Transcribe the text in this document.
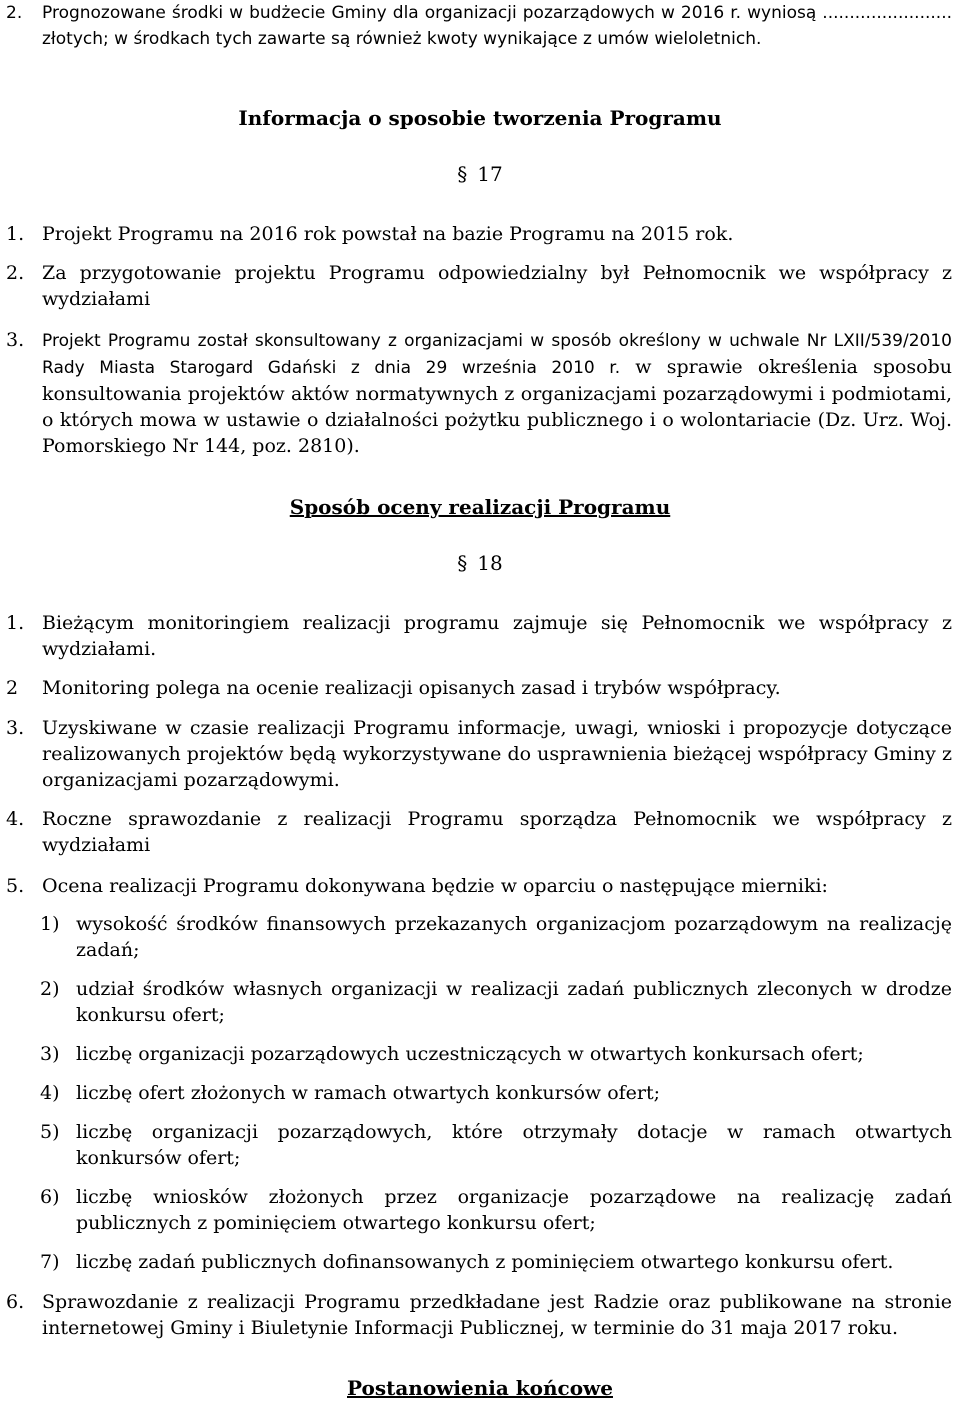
2. Prognozowane środki w budżecie Gminy dla organizacji pozarządowych w 2016 r. wyniosą ........................ złotych; w środkach tych zawarte są również kwoty wynikające z umów wieloletnich.
Informacja o sposobie tworzenia Programu
§ 17
1. Projekt Programu na 2016 rok powstał na bazie Programu na 2015 rok.
2. Za przygotowanie projektu Programu odpowiedzialny był Pełnomocnik we współpracy z wydziałami
3. Projekt Programu został skonsultowany z organizacjami w sposób określony w uchwale Nr LXII/539/2010 Rady Miasta Starogard Gdański z dnia 29 września 2010 r. w sprawie określenia sposobu konsultowania projektów aktów normatywnych z organizacjami pozarządowymi i podmiotami, o których mowa w ustawie o działalności pożytku publicznego i o wolontariacie (Dz. Urz. Woj. Pomorskiego Nr 144, poz. 2810).
Sposób oceny realizacji Programu
§ 18
1. Bieżącym monitoringiem realizacji programu zajmuje się Pełnomocnik we współpracy z wydziałami.
2 Monitoring polega na ocenie realizacji opisanych zasad i trybów współpracy.
3. Uzyskiwane w czasie realizacji Programu informacje, uwagi, wnioski i propozycje dotyczące realizowanych projektów będą wykorzystywane do usprawnienia bieżącej współpracy Gminy z organizacjami pozarządowymi.
4. Roczne sprawozdanie z realizacji Programu sporządza Pełnomocnik we współpracy z wydziałami
5. Ocena realizacji Programu dokonywana będzie w oparciu o następujące mierniki:
1) wysokość środków finansowych przekazanych organizacjom pozarządowym na realizację zadań;
2) udział środków własnych organizacji w realizacji zadań publicznych zleconych w drodze konkursu ofert;
3) liczbę organizacji pozarządowych uczestniczących w otwartych konkursach ofert;
4) liczbę ofert złożonych w ramach otwartych konkursów ofert;
5) liczbę organizacji pozarządowych, które otrzymały dotacje w ramach otwartych konkursów ofert;
6) liczbę wniosków złożonych przez organizacje pozarządowe na realizację zadań publicznych z pominięciem otwartego konkursu ofert;
7) liczbę zadań publicznych dofinansowanych z pominięciem otwartego konkursu ofert.
6. Sprawozdanie z realizacji Programu przedkładane jest Radzie oraz publikowane na stronie internetowej Gminy i Biuletynie Informacji Publicznej, w terminie do 31 maja 2017 roku.
Postanowienia końcowe
